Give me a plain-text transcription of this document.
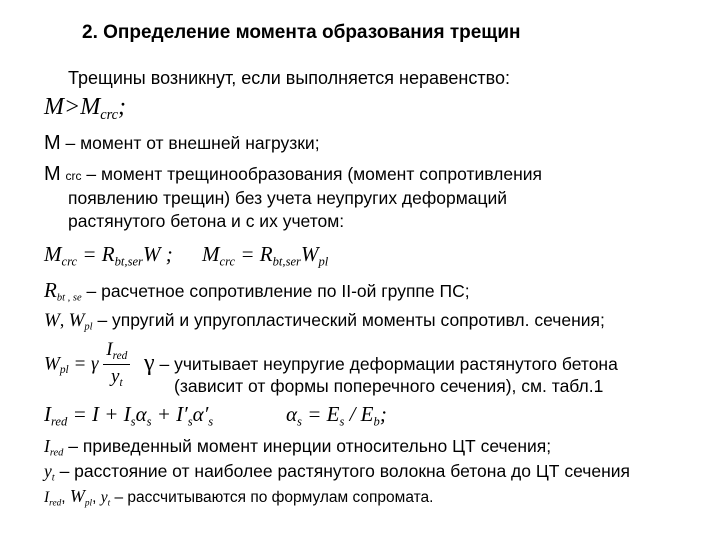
2. Определение момента образования трещин
Трещины возникнут, если выполняется неравенство:
$M>M_{crc}$;
M – момент от внешней нагрузки;
M crc – момент трещинообразования (момент сопротивления
появлению трещин) без учета неупругих деформаций
растянутого бетона и с их учетом:
$M_{crc} = R_{bt,ser}W$ ; $M_{crc} = R_{bt,ser}W_{pl}$
$R_{bt , se}$ – расчетное сопротивление по II-ой группе ПС;
W, $W_{pl}$ – упругий и упругопластический моменты сопротивл. сечения;
$W_{pl} = \gamma \frac{I_{red}}{y_t}$ γ – учитывает неупругие деформации растянутого бетона
(зависит от формы поперечного сечения), см. табл.1
$I_{red} = I + I_s\alpha_s + I'_s\alpha'_s$	$\alpha_s = E_s / E_b$;
$I_{red}$ – приведенный момент инерции относительно ЦТ сечения;
$y_t$ – расстояние от наиболее растянутого волокна бетона до ЦТ сечения
$I_{red}$, $W_{pl}$, $y_t$ – рассчитываются по формулам сопромата.
